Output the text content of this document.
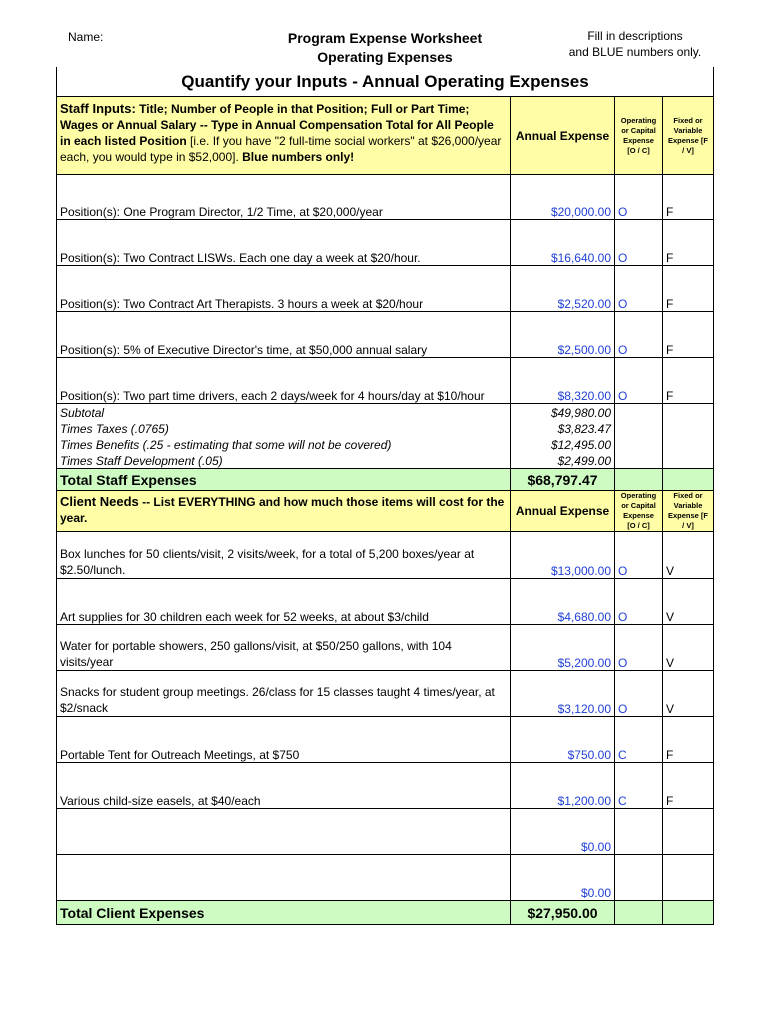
Name:	Program Expense Worksheet
Operating Expenses
Fill in descriptions
and BLUE numbers only.
Quantify your Inputs - Annual Operating Expenses
Staff Inputs: Title; Number of People in that Position; Full or Part Time; Wages or Annual Salary -- Type in Annual Compensation Total for All People in each listed Position [i.e. If you have "2 full-time social workers" at $26,000/year each, you would type in $52,000]. Blue numbers only!	Annual Expense	Operating or Capital Expense [O / C]	Fixed or Variable Expense [F / V]
Position(s): One Program Director, 1/2 Time, at $20,000/year	$20,000.00	O	F
Position(s): Two Contract LISWs. Each one day a week at $20/hour.	$16,640.00	O	F
Position(s): Two Contract Art Therapists. 3 hours a week at $20/hour	$2,520.00	O	F
Position(s): 5% of Executive Director's time, at $50,000 annual salary	$2,500.00	O	F
Position(s): Two part time drivers, each 2 days/week for 4 hours/day at $10/hour	$8,320.00	O	F
Subtotal	$49,980.00		
Times Taxes (.0765)	$3,823.47		
Times Benefits (.25 - estimating that some will not be covered)	$12,495.00		
Times Staff Development (.05)	$2,499.00		
Total Staff Expenses	$68,797.47		
Client Needs -- List EVERYTHING and how much those items will cost for the year.	Annual Expense	Operating or Capital Expense [O / C]	Fixed or Variable Expense [F / V]
Box lunches for 50 clients/visit, 2 visits/week, for a total of 5,200 boxes/year at $2.50/lunch.	$13,000.00	O	V
Art supplies for 30 children each week for 52 weeks, at about $3/child	$4,680.00	O	V
Water for portable showers, 250 gallons/visit, at $50/250 gallons, with 104 visits/year	$5,200.00	O	V
Snacks for student group meetings. 26/class for 15 classes taught 4 times/year, at $2/snack	$3,120.00	O	V
Portable Tent for Outreach Meetings, at $750	$750.00	C	F
Various child-size easels, at $40/each	$1,200.00	C	F
	$0.00		
	$0.00		
Total Client Expenses	$27,950.00		
